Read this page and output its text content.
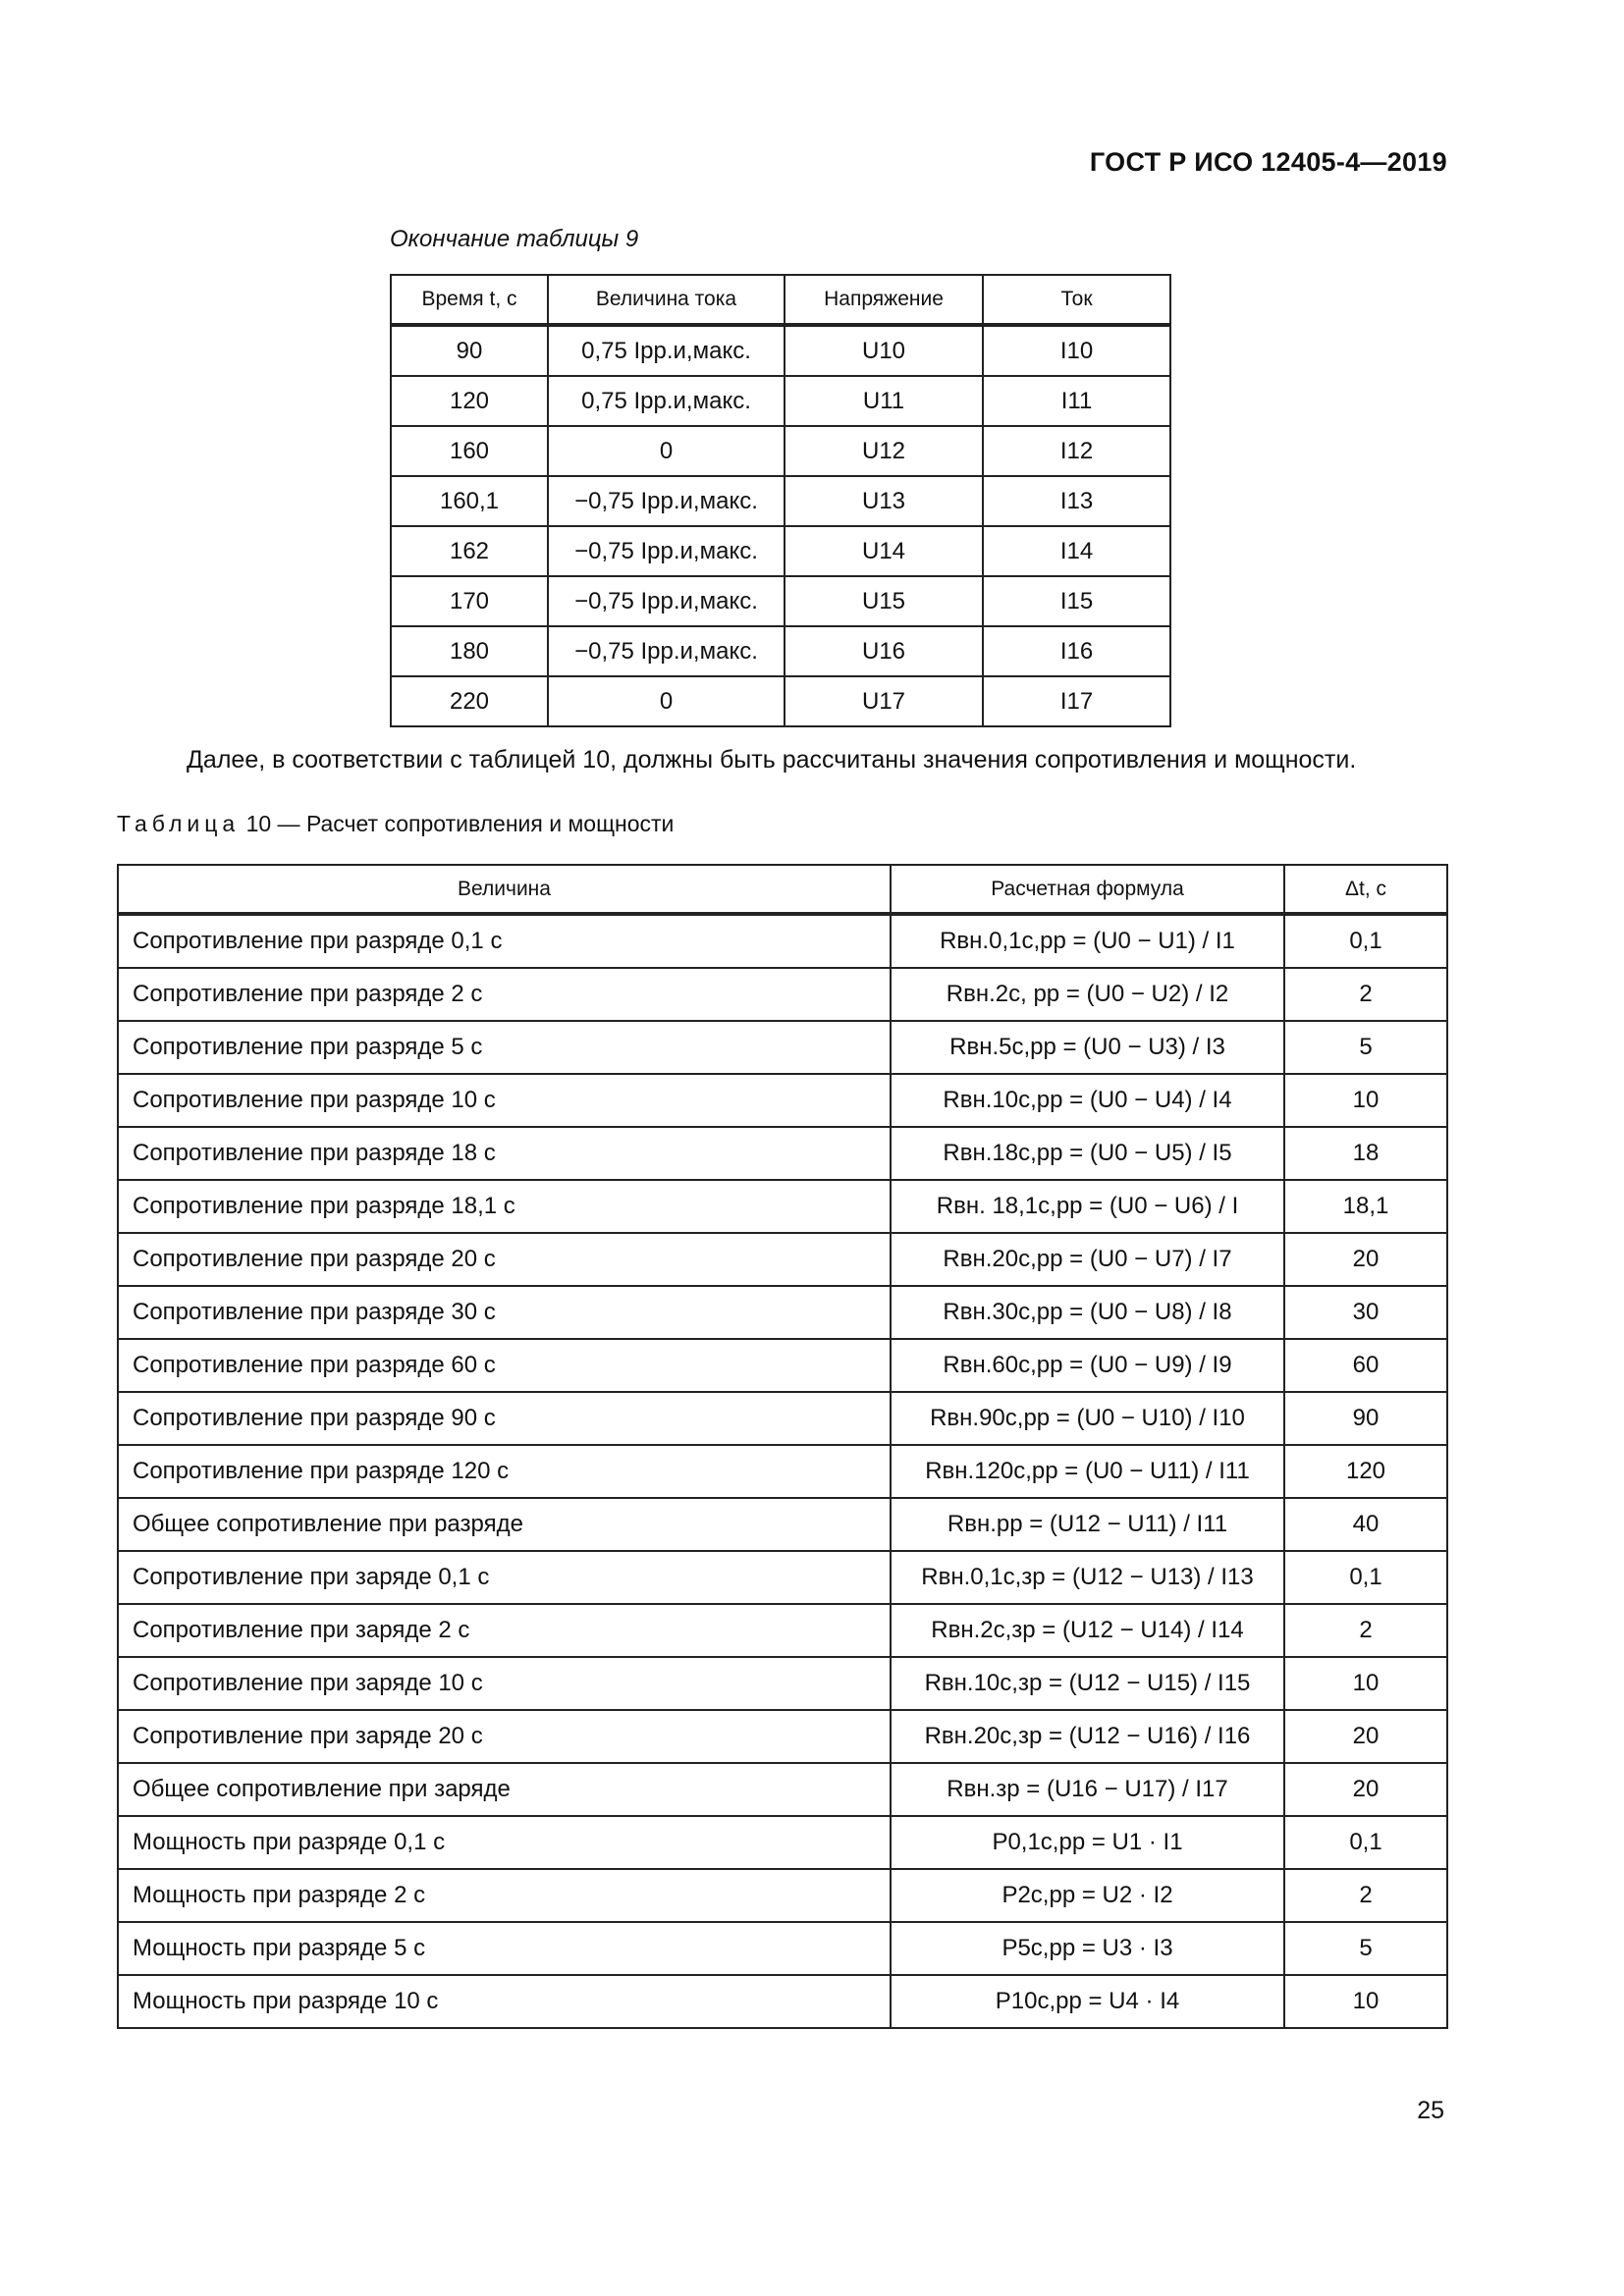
ГОСТ Р ИСО 12405-4—2019
Окончание таблицы 9
Время t, с	Величина тока	Напряжение	Ток
90	0,75 Iрр.и,макс.	U10	I10
120	0,75 Iрр.и,макс.	U11	I11
160	0	U12	I12
160,1	−0,75 Iрр.и,макс.	U13	I13
162	−0,75 Iрр.и,макс.	U14	I14
170	−0,75 Iрр.и,макс.	U15	I15
180	−0,75 Iрр.и,макс.	U16	I16
220	0	U17	I17
Далее, в соответствии с таблицей 10, должны быть рассчитаны значения сопротивления и мощности.
Таблица 10 — Расчет сопротивления и мощности
Величина	Расчетная формула	Δt, с
Сопротивление при разряде 0,1 с	Rвн.0,1с,рр = (U0 − U1) / I1	0,1
Сопротивление при разряде 2 с	Rвн.2с, рр = (U0 − U2) / I2	2
Сопротивление при разряде 5 с	Rвн.5с,рр = (U0 − U3) / I3	5
Сопротивление при разряде 10 с	Rвн.10с,рр = (U0 − U4) / I4	10
Сопротивление при разряде 18 с	Rвн.18с,рр = (U0 − U5) / I5	18
Сопротивление при разряде 18,1 с	Rвн. 18,1с,рр = (U0 − U6) / I	18,1
Сопротивление при разряде 20 с	Rвн.20с,рр = (U0 − U7) / I7	20
Сопротивление при разряде 30 с	Rвн.30с,рр = (U0 − U8) / I8	30
Сопротивление при разряде 60 с	Rвн.60с,рр = (U0 − U9) / I9	60
Сопротивление при разряде 90 с	Rвн.90с,рр = (U0 − U10) / I10	90
Сопротивление при разряде 120 с	Rвн.120с,рр = (U0 − U11) / I11	120
Общее сопротивление при разряде	Rвн.рр = (U12 − U11) / I11	40
Сопротивление при заряде 0,1 с	Rвн.0,1с,зр = (U12 − U13) / I13	0,1
Сопротивление при заряде 2 с	Rвн.2с,зр = (U12 − U14) / I14	2
Сопротивление при заряде 10 с	Rвн.10с,зр = (U12 − U15) / I15	10
Сопротивление при заряде 20 с	Rвн.20с,зр = (U12 − U16) / I16	20
Общее сопротивление при заряде	Rвн.зр = (U16 − U17) / I17	20
Мощность при разряде 0,1 с	P0,1с,рр = U1 · I1	0,1
Мощность при разряде 2 с	P2с,рр = U2 · I2	2
Мощность при разряде 5 с	P5с,рр = U3 · I3	5
Мощность при разряде 10 с	P10с,рр = U4 · I4	10
25
